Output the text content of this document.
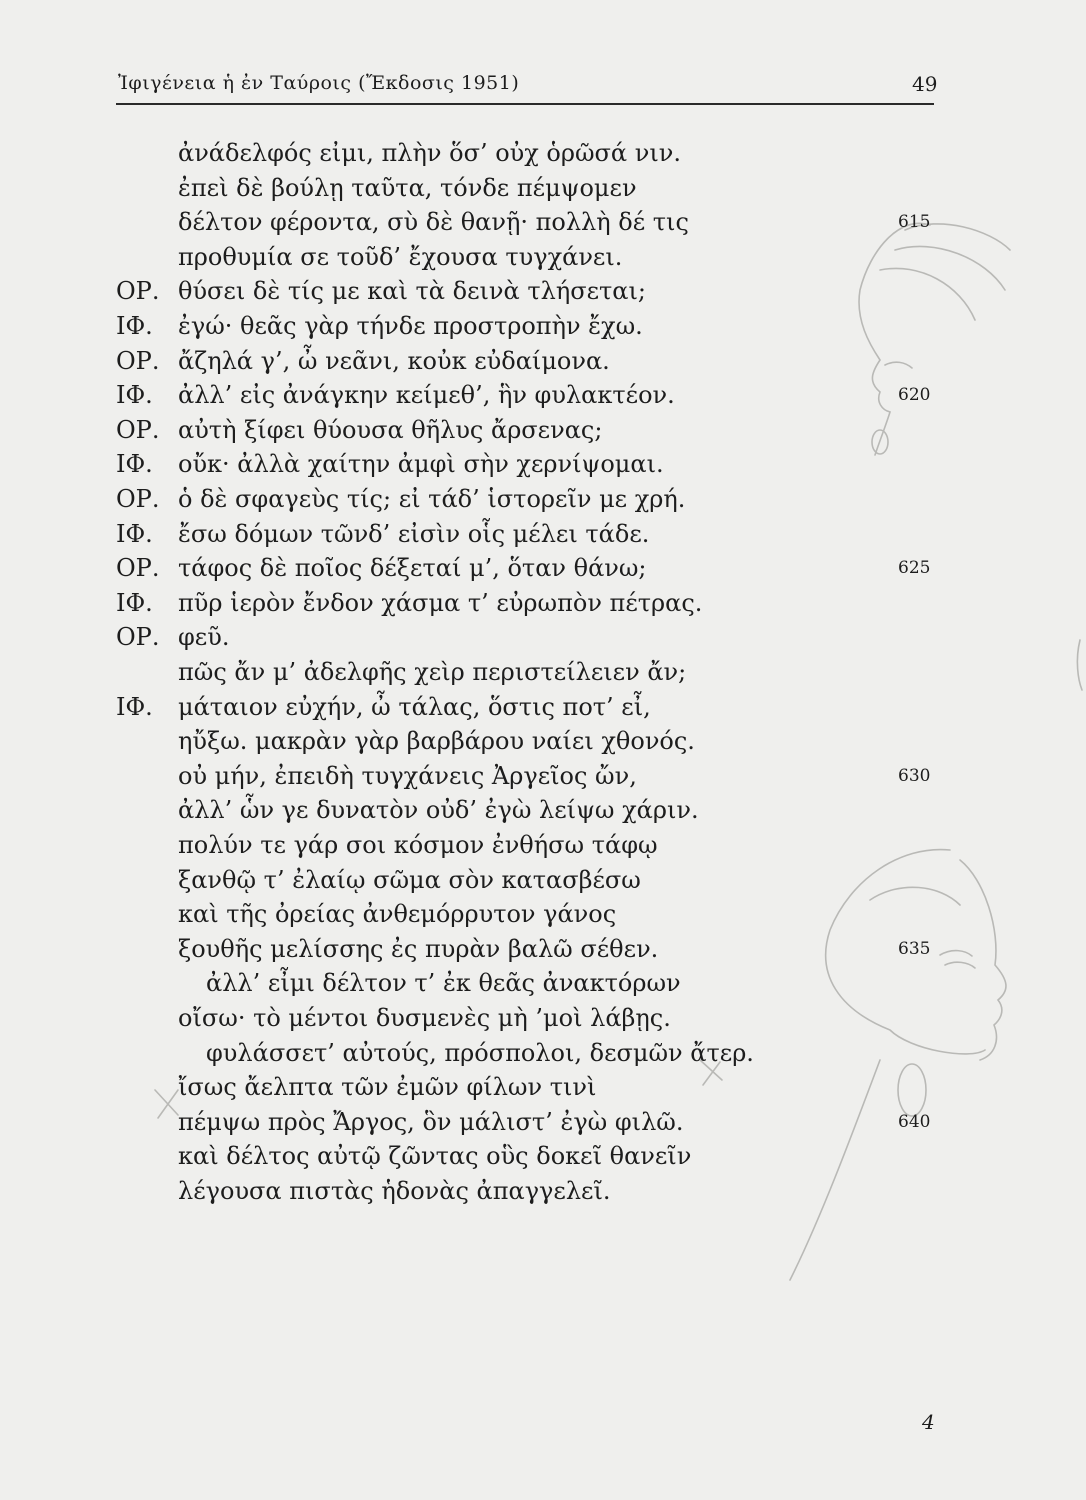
Ἰφιγένεια ἡ ἐν Ταύροις (Ἔκδοσις 1951)	49
ἀνάδελφός εἰμι, πλὴν ὅσ’ οὐχ ὁρῶσά νιν.
ἐπεὶ δὲ βούλῃ ταῦτα, τόνδε πέμψομεν
δέλτον φέροντα, σὺ δὲ θανῇ· πολλὴ δέ τις	615
προθυμία σε τοῦδ’ ἔχουσα τυγχάνει.
ΟΡ. θύσει δὲ τίς με καὶ τὰ δεινὰ τλήσεται;
ΙΦ. ἐγώ· θεᾶς γὰρ τήνδε προστροπὴν ἔχω.
ΟΡ. ἄζηλά γ’, ὦ νεᾶνι, κοὐκ εὐδαίμονα.
ΙΦ. ἀλλ’ εἰς ἀνάγκην κείμεθ’, ἣν φυλακτέον.	620
ΟΡ. αὐτὴ ξίφει θύουσα θῆλυς ἄρσενας;
ΙΦ. οὔκ· ἀλλὰ χαίτην ἀμφὶ σὴν χερνίψομαι.
ΟΡ. ὁ δὲ σφαγεὺς τίς; εἰ τάδ’ ἱστορεῖν με χρή.
ΙΦ. ἔσω δόμων τῶνδ’ εἰσὶν οἷς μέλει τάδε.
ΟΡ. τάφος δὲ ποῖος δέξεταί μ’, ὅταν θάνω;	625
ΙΦ. πῦρ ἱερὸν ἔνδον χάσμα τ’ εὐρωπὸν πέτρας.
ΟΡ. φεῦ.
πῶς ἄν μ’ ἀδελφῆς χεὶρ περιστείλειεν ἄν;
ΙΦ. μάταιον εὐχήν, ὦ τάλας, ὅστις ποτ’ εἶ,
ηὔξω. μακρὰν γὰρ βαρβάρου ναίει χθονός.
οὐ μήν, ἐπειδὴ τυγχάνεις Ἀργεῖος ὤν,	630
ἀλλ’ ὧν γε δυνατὸν οὐδ’ ἐγὼ λείψω χάριν.
πολύν τε γάρ σοι κόσμον ἐνθήσω τάφῳ
ξανθῷ τ’ ἐλαίῳ σῶμα σὸν κατασβέσω
καὶ τῆς ὀρείας ἀνθεμόρρυτον γάνος
ξουθῆς μελίσσης ἐς πυρὰν βαλῶ σέθεν.	635
ἀλλ’ εἶμι δέλτον τ’ ἐκ θεᾶς ἀνακτόρων
οἴσω· τὸ μέντοι δυσμενὲς μὴ ’μοὶ λάβῃς.
φυλάσσετ’ αὐτούς, πρόσπολοι, δεσμῶν ἄτερ.
ἴσως ἄελπτα τῶν ἐμῶν φίλων τινὶ
πέμψω πρὸς Ἄργος, ὃν μάλιστ’ ἐγὼ φιλῶ.	640
καὶ δέλτος αὐτῷ ζῶντας οὓς δοκεῖ θανεῖν
λέγουσα πιστὰς ἡδονὰς ἀπαγγελεῖ.
4
